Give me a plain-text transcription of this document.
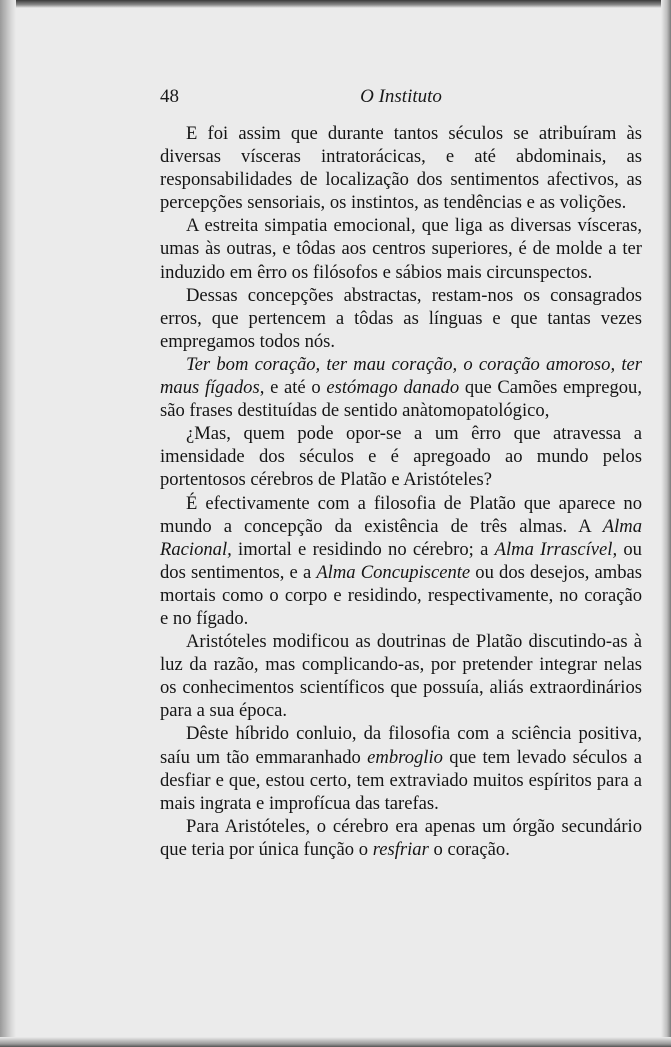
48	O Instituto

E foi assim que durante tantos séculos se atribuíram às diversas vísceras intratorácicas, e até abdominais, as responsabilidades de localização dos sentimentos afectivos, as percepções sensoriais, os instintos, as tendências e as volições.

A estreita simpatia emocional, que liga as diversas vísceras, umas às outras, e tôdas aos centros superiores, é de molde a ter induzido em êrro os filósofos e sábios mais circunspectos.

Dessas concepções abstractas, restam-nos os consagrados erros, que pertencem a tôdas as línguas e que tantas vezes empregamos todos nós.

Ter bom coração, ter mau coração, o coração amoroso, ter maus fígados, e até o estómago danado que Camões empregou, são frases destituídas de sentido anàtomopatológico,

¿Mas, quem pode opor-se a um êrro que atravessa a imensidade dos séculos e é apregoado ao mundo pelos portentosos cérebros de Platão e Aristóteles?

É efectivamente com a filosofia de Platão que aparece no mundo a concepção da existência de três almas. A Alma Racional, imortal e residindo no cérebro; a Alma Irrascível, ou dos sentimentos, e a Alma Concupiscente ou dos desejos, ambas mortais como o corpo e residindo, respectivamente, no coração e no fígado.

Aristóteles modificou as doutrinas de Platão discutindo-as à luz da razão, mas complicando-as, por pretender integrar nelas os conhecimentos scientíficos que possuía, aliás extraordinários para a sua época.

Dêste híbrido conluio, da filosofia com a sciência positiva, saíu um tão emmaranhado embroglio que tem levado séculos a desfiar e que, estou certo, tem extraviado muitos espíritos para a mais ingrata e improfícua das tarefas.

Para Aristóteles, o cérebro era apenas um órgão secundário que teria por única função o resfriar o coração.
